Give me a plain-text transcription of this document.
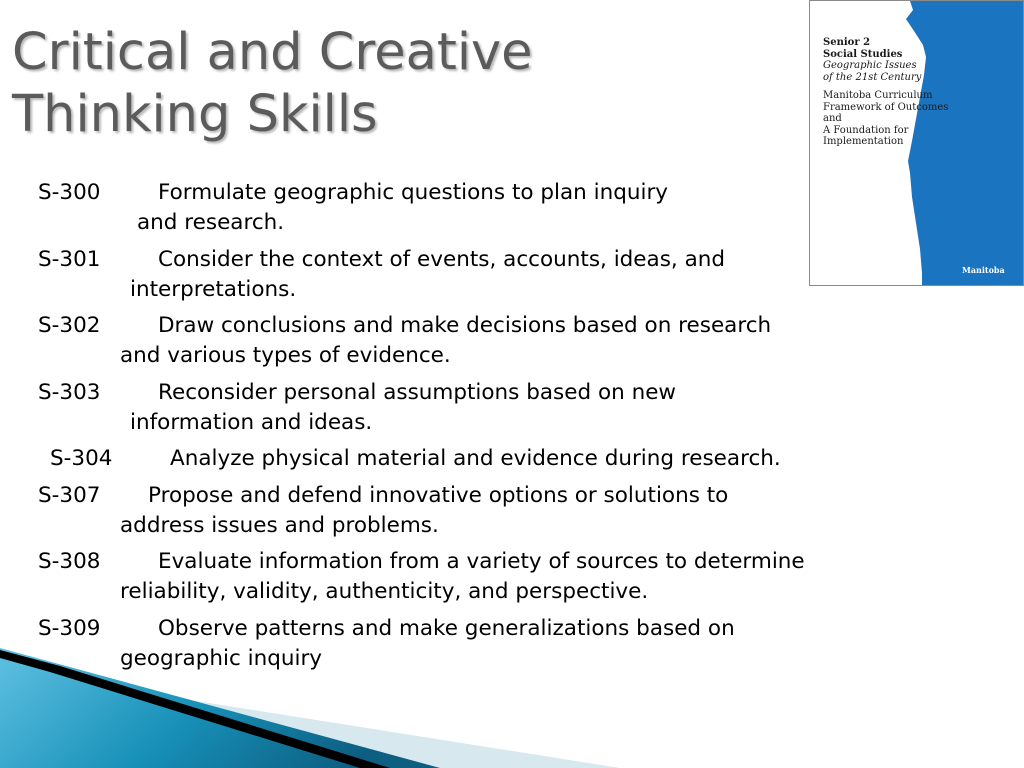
Critical and Creative
Thinking Skills
S-300	Formulate geographic questions to plan inquiry
and research.
S-301	Consider the context of events, accounts, ideas, and
interpretations.
S-302	Draw conclusions and make decisions based on research
and various types of evidence.
S-303	Reconsider personal assumptions based on new
information and ideas.
S-304	Analyze physical material and evidence during research.
S-307 Propose and defend innovative options or solutions to
address issues and problems.
S-308	Evaluate information from a variety of sources to determine
reliability, validity, authenticity, and perspective.
S-309	Observe patterns and make generalizations based on
geographic inquiry
Senior 2
Social Studies
Geographic Issues
of the 21st Century
Manitoba Curriculum
Framework of Outcomes and
A Foundation for
Implementation
Manitoba
